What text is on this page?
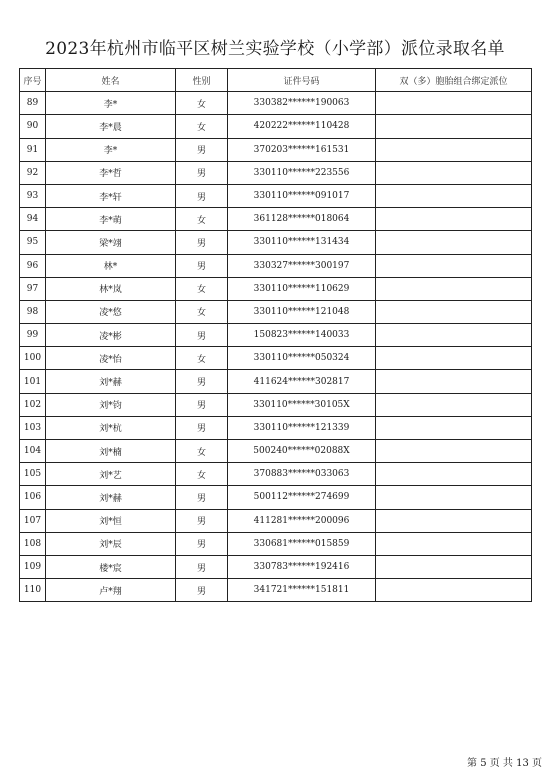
2023年杭州市临平区树兰实验学校（小学部）派位录取名单
序号	姓名	性别	证件号码	双（多）胞胎组合绑定派位
89	李*	女	330382******190063	
90	李*晨	女	420222******110428	
91	李*	男	370203******161531	
92	李*哲	男	330110******223556	
93	李*轩	男	330110******091017	
94	李*萌	女	361128******018064	
95	梁*翊	男	330110******131434	
96	林*	男	330327******300197	
97	林*岚	女	330110******110629	
98	凌*悠	女	330110******121048	
99	凌*彬	男	150823******140033	
100	凌*怡	女	330110******050324	
101	刘*赫	男	411624******302817	
102	刘*钧	男	330110******30105X	
103	刘*杭	男	330110******121339	
104	刘*楠	女	500240******02088X	
105	刘*艺	女	370883******033063	
106	刘*赫	男	500112******274699	
107	刘*恒	男	411281******200096	
108	刘*辰	男	330681******015859	
109	楼*宸	男	330783******192416	
110	卢*翔	男	341721******151811	
第 5 页 共 13 页
